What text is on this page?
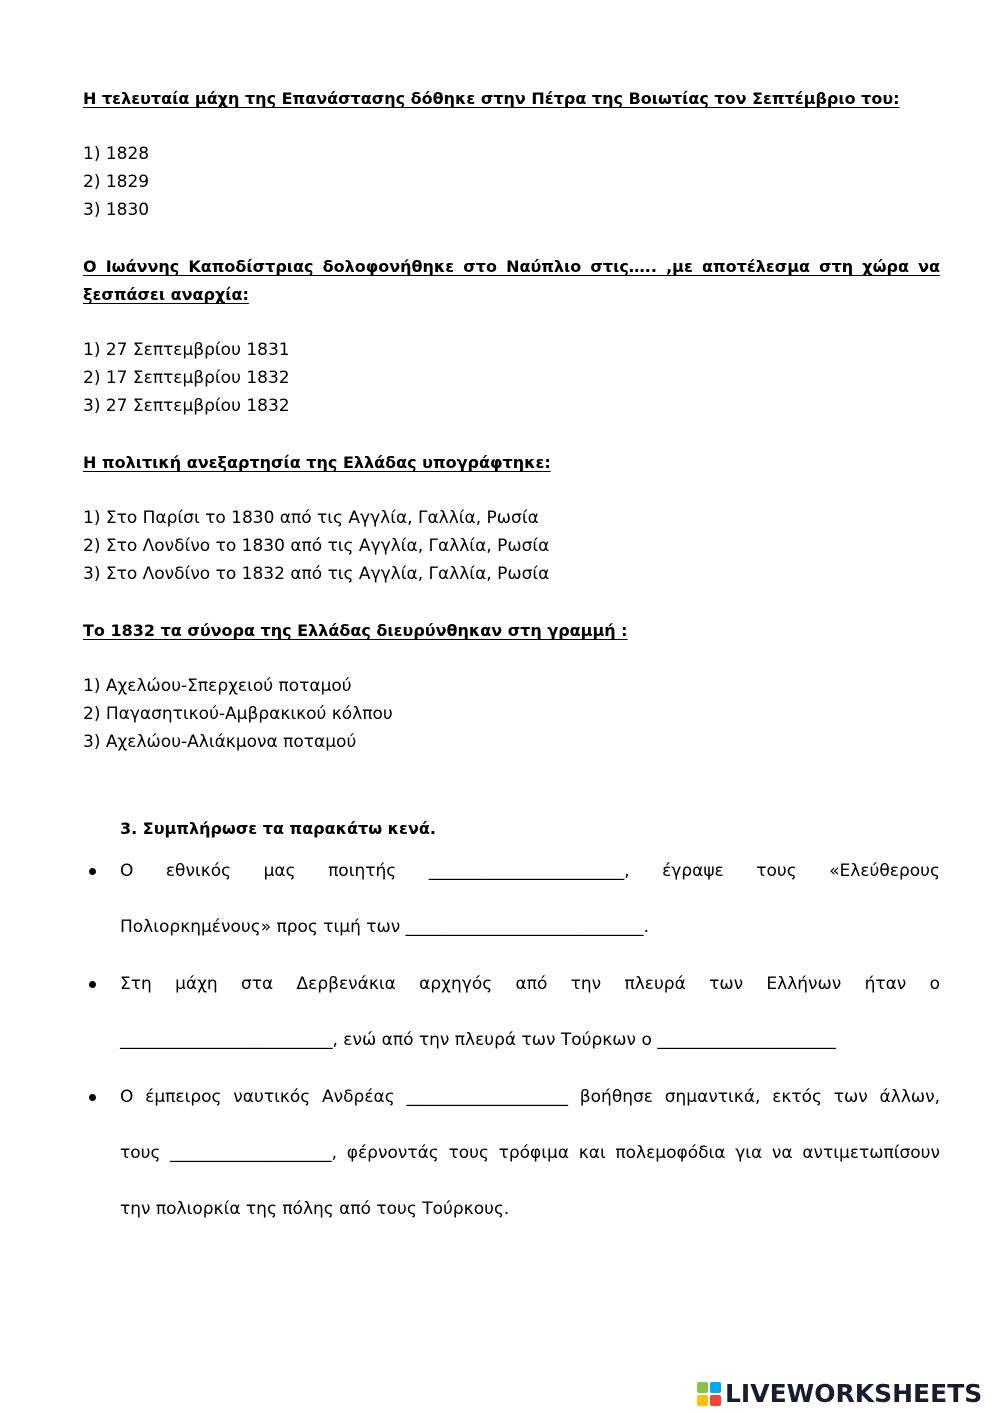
Η τελευταία μάχη της Επανάστασης δόθηκε στην Πέτρα της Βοιωτίας τον Σεπτέμβριο του:
1) 1828
2) 1829
3) 1830
Ο Ιωάννης Καποδίστριας δολοφονήθηκε στο Ναύπλιο στις….. ,με αποτέλεσμα στη χώρα να ξεσπάσει αναρχία:
1) 27 Σεπτεμβρίου 1831
2) 17 Σεπτεμβρίου 1832
3) 27 Σεπτεμβρίου 1832
Η πολιτική ανεξαρτησία της Ελλάδας υπογράφτηκε:
1) Στο Παρίσι το 1830 από τις Αγγλία, Γαλλία, Ρωσία
2) Στο Λονδίνο το 1830 από τις Αγγλία, Γαλλία, Ρωσία
3) Στο Λονδίνο το 1832 από τις Αγγλία, Γαλλία, Ρωσία
Το 1832 τα σύνορα της Ελλάδας διευρύνθηκαν στη γραμμή :
1) Αχελώου-Σπερχειού ποταμού
2) Παγασητικού-Αμβρακικού κόλπου
3) Αχελώου-Αλιάκμονα ποταμού
3. Συμπλήρωσε τα παρακάτω κενά.
Ο εθνικός μας ποιητής _______________________, έγραψε τους «Ελεύθερους
Πολιορκημένους» προς τιμή των ____________________________.
Στη μάχη στα Δερβενάκια αρχηγός από την πλευρά των Ελλήνων ήταν ο
_________________________, ενώ από την πλευρά των Τούρκων ο _____________________
Ο έμπειρος ναυτικός Ανδρέας ___________________ βοήθησε σημαντικά, εκτός των άλλων,
τους ___________________, φέρνοντάς τους τρόφιμα και πολεμοφόδια για να αντιμετωπίσουν
την πολιορκία της πόλης από τους Τούρκους.
LIVEWORKSHEETS
